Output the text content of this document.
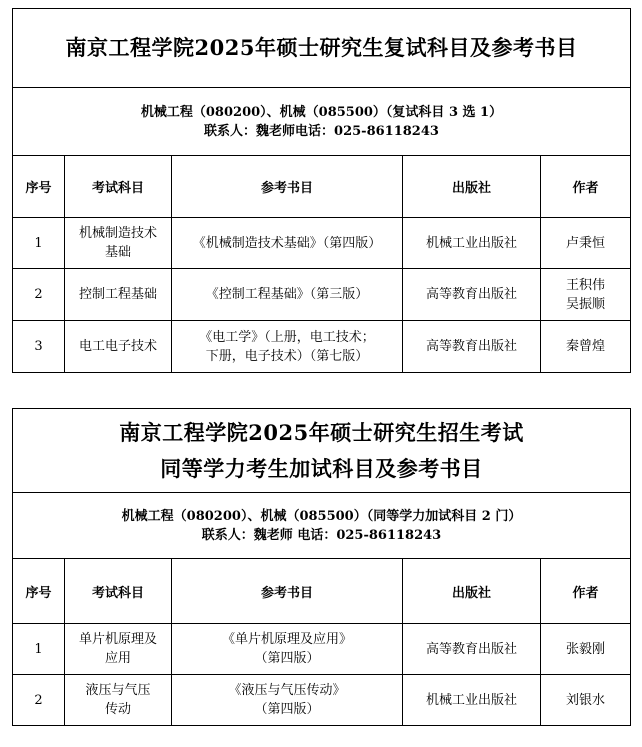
南京工程学院2025年硕士研究生复试科目及参考书目				

机械工程（080200）、机械（085500）（复试科目 3 选 1）
联系人：魏老师电话：025-86118243				

序号	考试科目	参考书目	出版社	作者
1	机械制造技术
基础	《机械制造技术基础》（第四版）	机械工业出版社	卢秉恒

2	控制工程基础	《控制工程基础》（第三版）	高等教育出版社	王积伟
吴振顺

3	电工电子技术	《电工学》（上册，电工技术；
下册，电子技术）（第七版）	高等教育出版社	秦曾煌
南京工程学院2025年硕士研究生招生考试
同等学力考生加试科目及参考书目				

机械工程（080200）、机械（085500）（同等学力加试科目 2 门）
联系人：魏老师 电话：025-86118243				

序号	考试科目	参考书目	出版社	作者
1	单片机原理及
应用	《单片机原理及应用》
（第四版）	高等教育出版社	张毅刚

2	液压与气压
传动	《液压与气压传动》
（第四版）	机械工业出版社	刘银水
